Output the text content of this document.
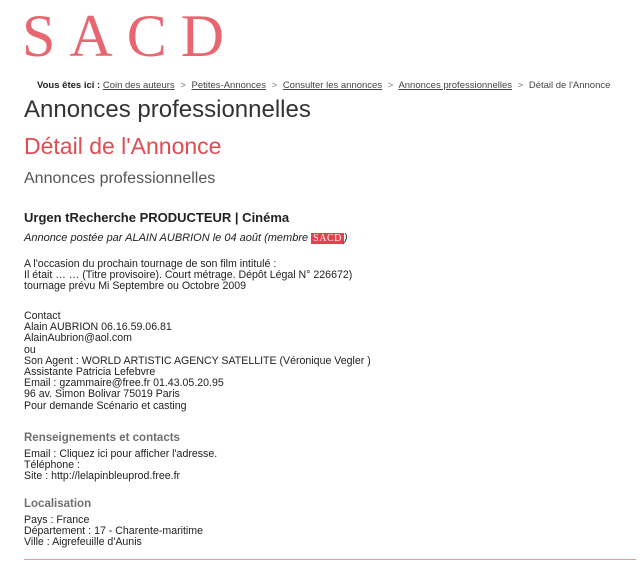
SACD
Vous êtes ici : Coin des auteurs > Petites-Annonces > Consulter les annonces > Annonces professionnelles > Détail de l'Annonce
Annonces professionnelles
Détail de l'Annonce
Annonces professionnelles
Urgen tRecherche PRODUCTEUR | Cinéma
Annonce postée par ALAIN AUBRION le 04 août (membre SACD )
A l'occasion du prochain tournage de son film intitulé :
Il était … … (Titre provisoire). Court métrage. Dépôt Légal N° 226672)
tournage prévu Mi Septembre ou Octobre 2009
Contact
Alain AUBRION 06.16.59.06.81
AlainAubrion@aol.com
ou
Son Agent : WORLD ARTISTIC AGENCY SATELLITE (Véronique Vegler )
Assistante Patricia Lefebvre
Email : gzammaire@free.fr 01.43.05.20.95
96 av. Simon Bolivar 75019 Paris
Pour demande Scénario et casting
Renseignements et contacts
Email : Cliquez ici pour afficher l'adresse.
Téléphone :
Site : http://lelapinbleuprod.free.fr
Localisation
Pays : France
Département : 17 - Charente-maritime
Ville : Aigrefeuille d'Aunis
